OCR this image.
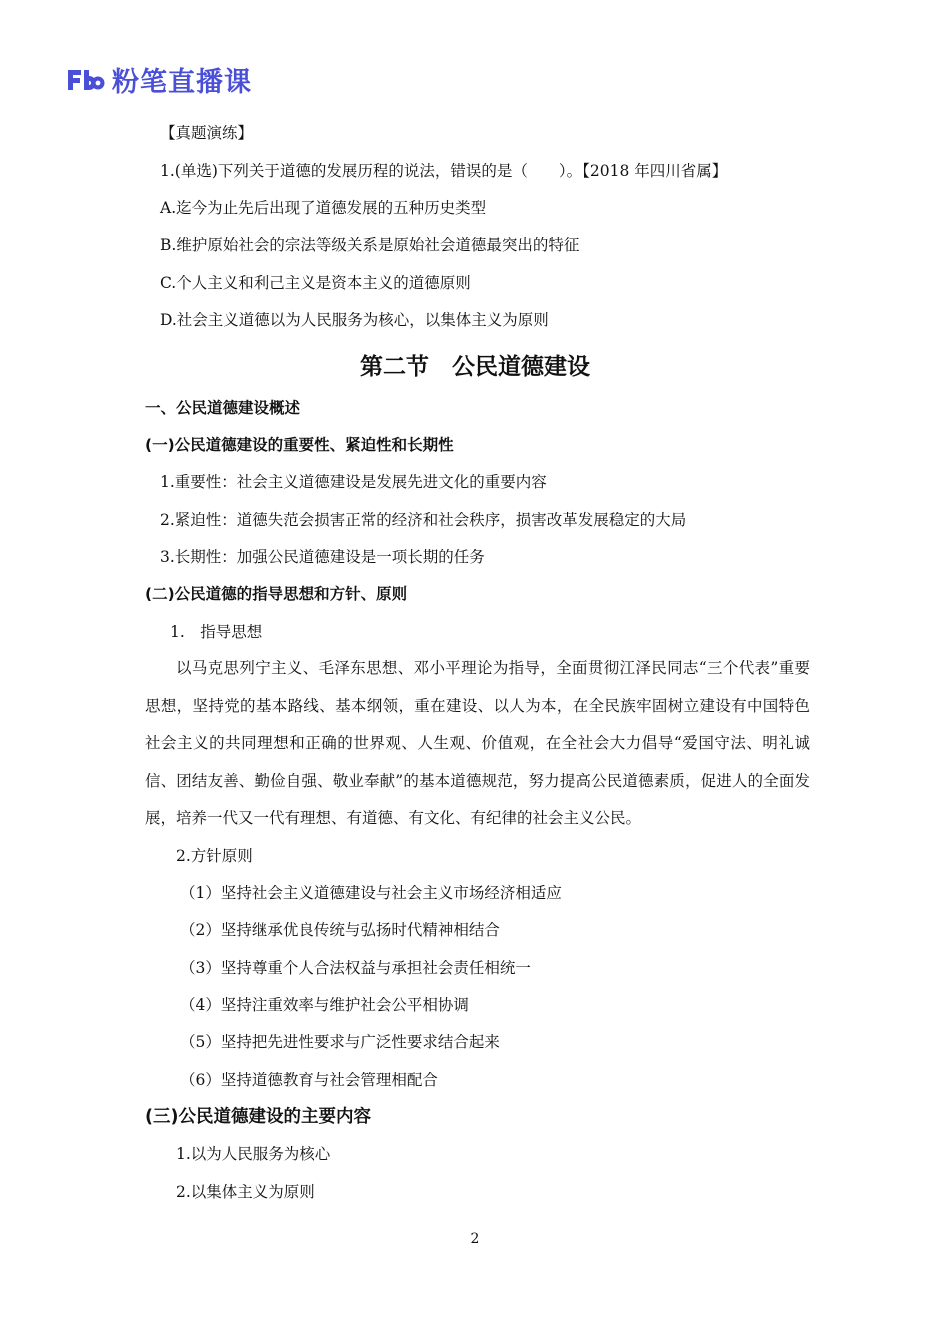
粉笔直播课
【真题演练】
1.(单选)下列关于道德的发展历程的说法，错误的是（　　）。【2018 年四川省属】
A.迄今为止先后出现了道德发展的五种历史类型
B.维护原始社会的宗法等级关系是原始社会道德最突出的特征
C.个人主义和利己主义是资本主义的道德原则
D.社会主义道德以为人民服务为核心，以集体主义为原则
第二节　公民道德建设
一、公民道德建设概述
(一)公民道德建设的重要性、紧迫性和长期性
1.重要性：社会主义道德建设是发展先进文化的重要内容
2.紧迫性：道德失范会损害正常的经济和社会秩序，损害改革发展稳定的大局
3.长期性：加强公民道德建设是一项长期的任务
(二)公民道德的指导思想和方针、原则
1.　指导思想
以马克思列宁主义、毛泽东思想、邓小平理论为指导，全面贯彻江泽民同志“三个代表”重要思想，坚持党的基本路线、基本纲领，重在建设、以人为本，在全民族牢固树立建设有中国特色社会主义的共同理想和正确的世界观、人生观、价值观，在全社会大力倡导“爱国守法、明礼诚信、团结友善、勤俭自强、敬业奉献”的基本道德规范，努力提高公民道德素质，促进人的全面发展，培养一代又一代有理想、有道德、有文化、有纪律的社会主义公民。
2.方针原则
（1）坚持社会主义道德建设与社会主义市场经济相适应
（2）坚持继承优良传统与弘扬时代精神相结合
（3）坚持尊重个人合法权益与承担社会责任相统一
（4）坚持注重效率与维护社会公平相协调
（5）坚持把先进性要求与广泛性要求结合起来
（6）坚持道德教育与社会管理相配合
(三)公民道德建设的主要内容
1.以为人民服务为核心
2.以集体主义为原则
2
